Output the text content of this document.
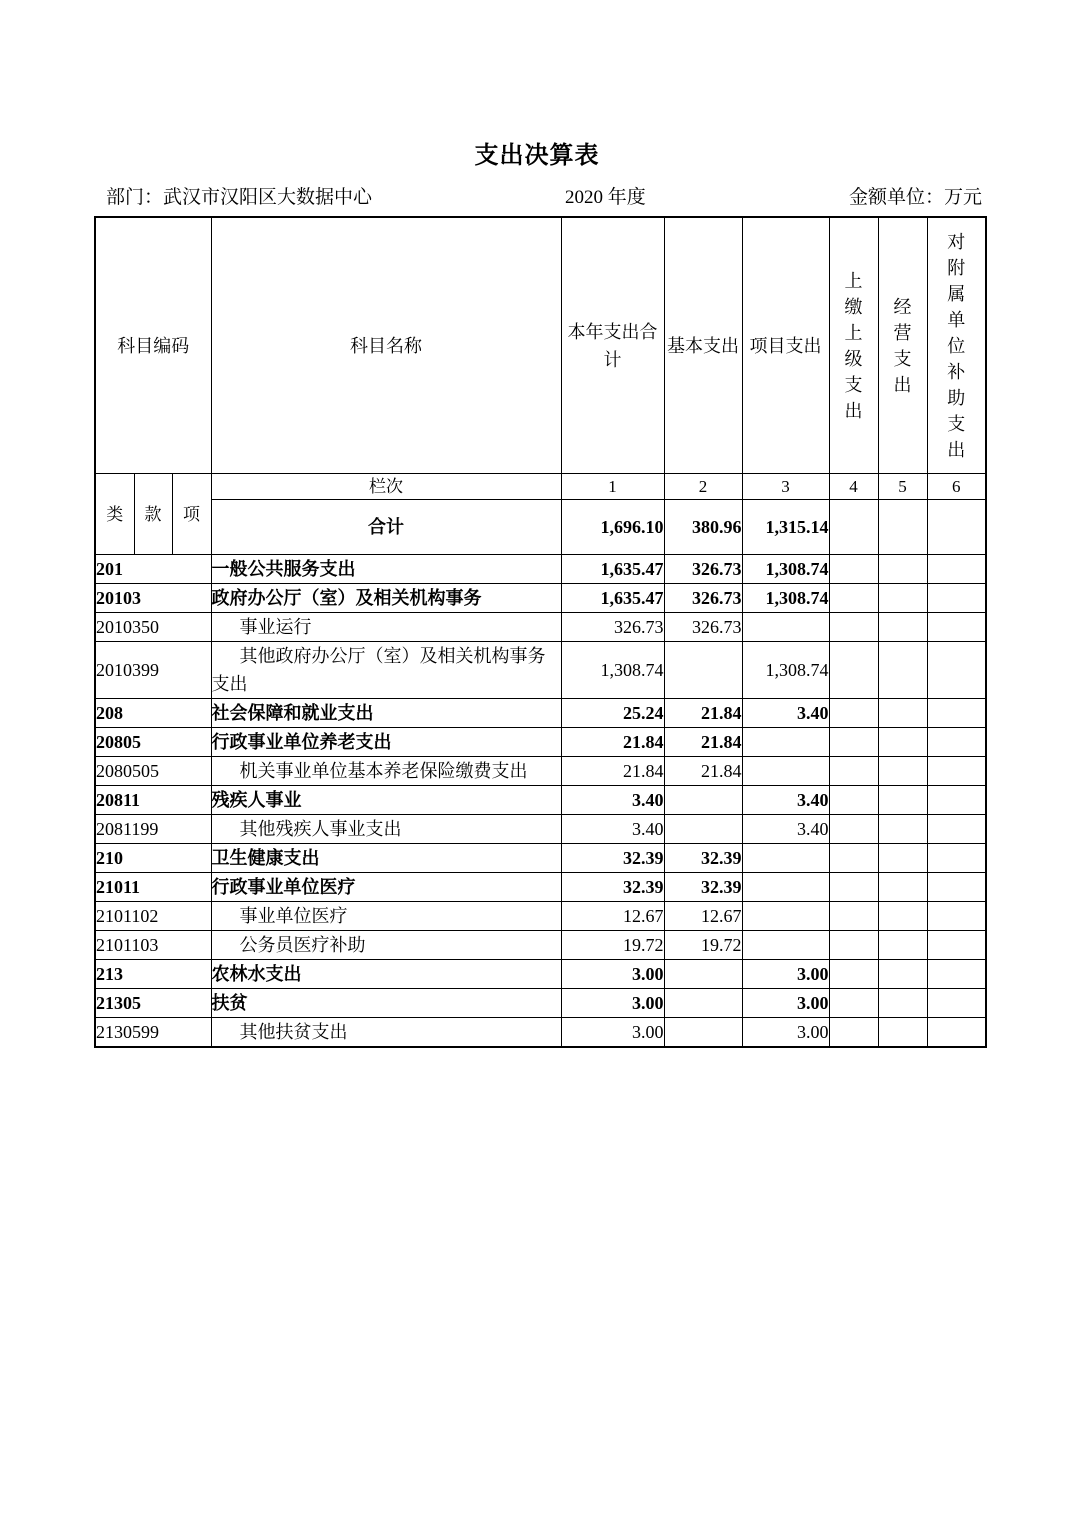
支出决算表
部门：武汉市汉阳区大数据中心	2020 年度	金额单位：万元
科目编码			科目名称	本年支出合计	基本支出	项目支出	上缴上级支出	经营支出	对附属单位补助支出

类	款	项	栏次	1	2	3	4	5	6
			合计	1,696.10	380.96	1,315.14			
201			一般公共服务支出	1,635.47	326.73	1,308.74			
20103			政府办公厅（室）及相关机构事务	1,635.47	326.73	1,308.74			
2010350			事业运行	326.73	326.73				
2010399			其他政府办公厅（室）及相关机构事务支出	1,308.74		1,308.74			
208			社会保障和就业支出	25.24	21.84	3.40			
20805			行政事业单位养老支出	21.84	21.84				
2080505			机关事业单位基本养老保险缴费支出	21.84	21.84				
20811			残疾人事业	3.40		3.40			
2081199			其他残疾人事业支出	3.40		3.40			
210			卫生健康支出	32.39	32.39				
21011			行政事业单位医疗	32.39	32.39				
2101102			事业单位医疗	12.67	12.67				
2101103			公务员医疗补助	19.72	19.72				
213			农林水支出	3.00		3.00			
21305			扶贫	3.00		3.00			
2130599			其他扶贫支出	3.00		3.00			
